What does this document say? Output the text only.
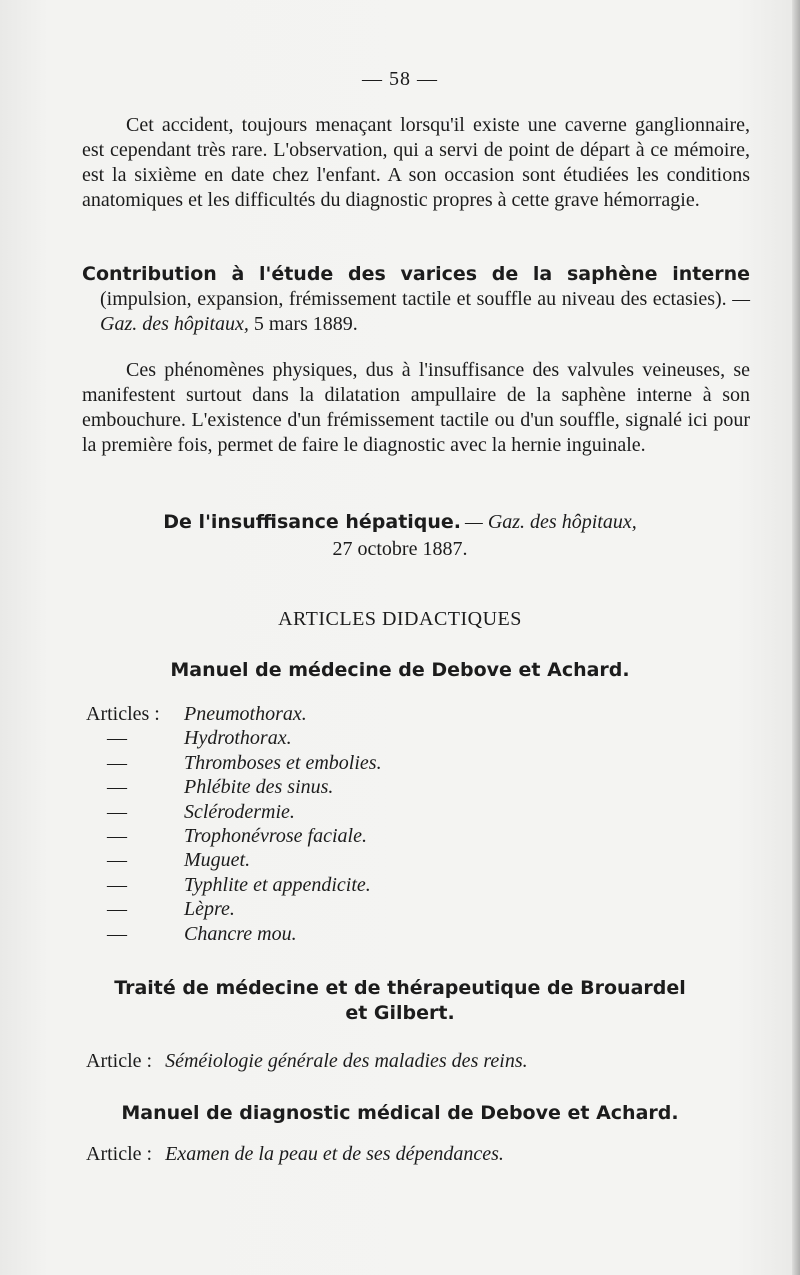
— 58 —

Cet accident, toujours menaçant lorsqu'il existe une caverne ganglionnaire, est cependant très rare. L'observation, qui a servi de point de départ à ce mémoire, est la sixième en date chez l'enfant. A son occasion sont étudiées les conditions anatomiques et les difficultés du diagnostic propres à cette grave hémorragie.

Contribution à l'étude des varices de la saphène interne

(impulsion, expansion, frémissement tactile et souffle au niveau des ectasies). — Gaz. des hôpitaux, 5 mars 1889.

Ces phénomènes physiques, dus à l'insuffisance des valvules veineuses, se manifestent surtout dans la dilatation ampullaire de la saphène interne à son embouchure. L'existence d'un frémissement tactile ou d'un souffle, signalé ici pour la première fois, permet de faire le diagnostic avec la hernie inguinale.

De l'insuffisance hépatique. — Gaz. des hôpitaux,
27 octobre 1887.
ARTICLES DIDACTIQUES
Manuel de médecine de Debove et Achard.
Articles : Pneumothorax.
—	Hydrothorax.
—	Thromboses et embolies.
—	Phlébite des sinus.
—	Sclérodermie.
—	Trophonévrose faciale.
—	Muguet.
—	Typhlite et appendicite.
—	Lèpre.
—	Chancre mou.
Traité de médecine et de thérapeutique de Brouardel
et Gilbert.
Article : Séméiologie générale des maladies des reins.
Manuel de diagnostic médical de Debove et Achard.
Article : Examen de la peau et de ses dépendances.
